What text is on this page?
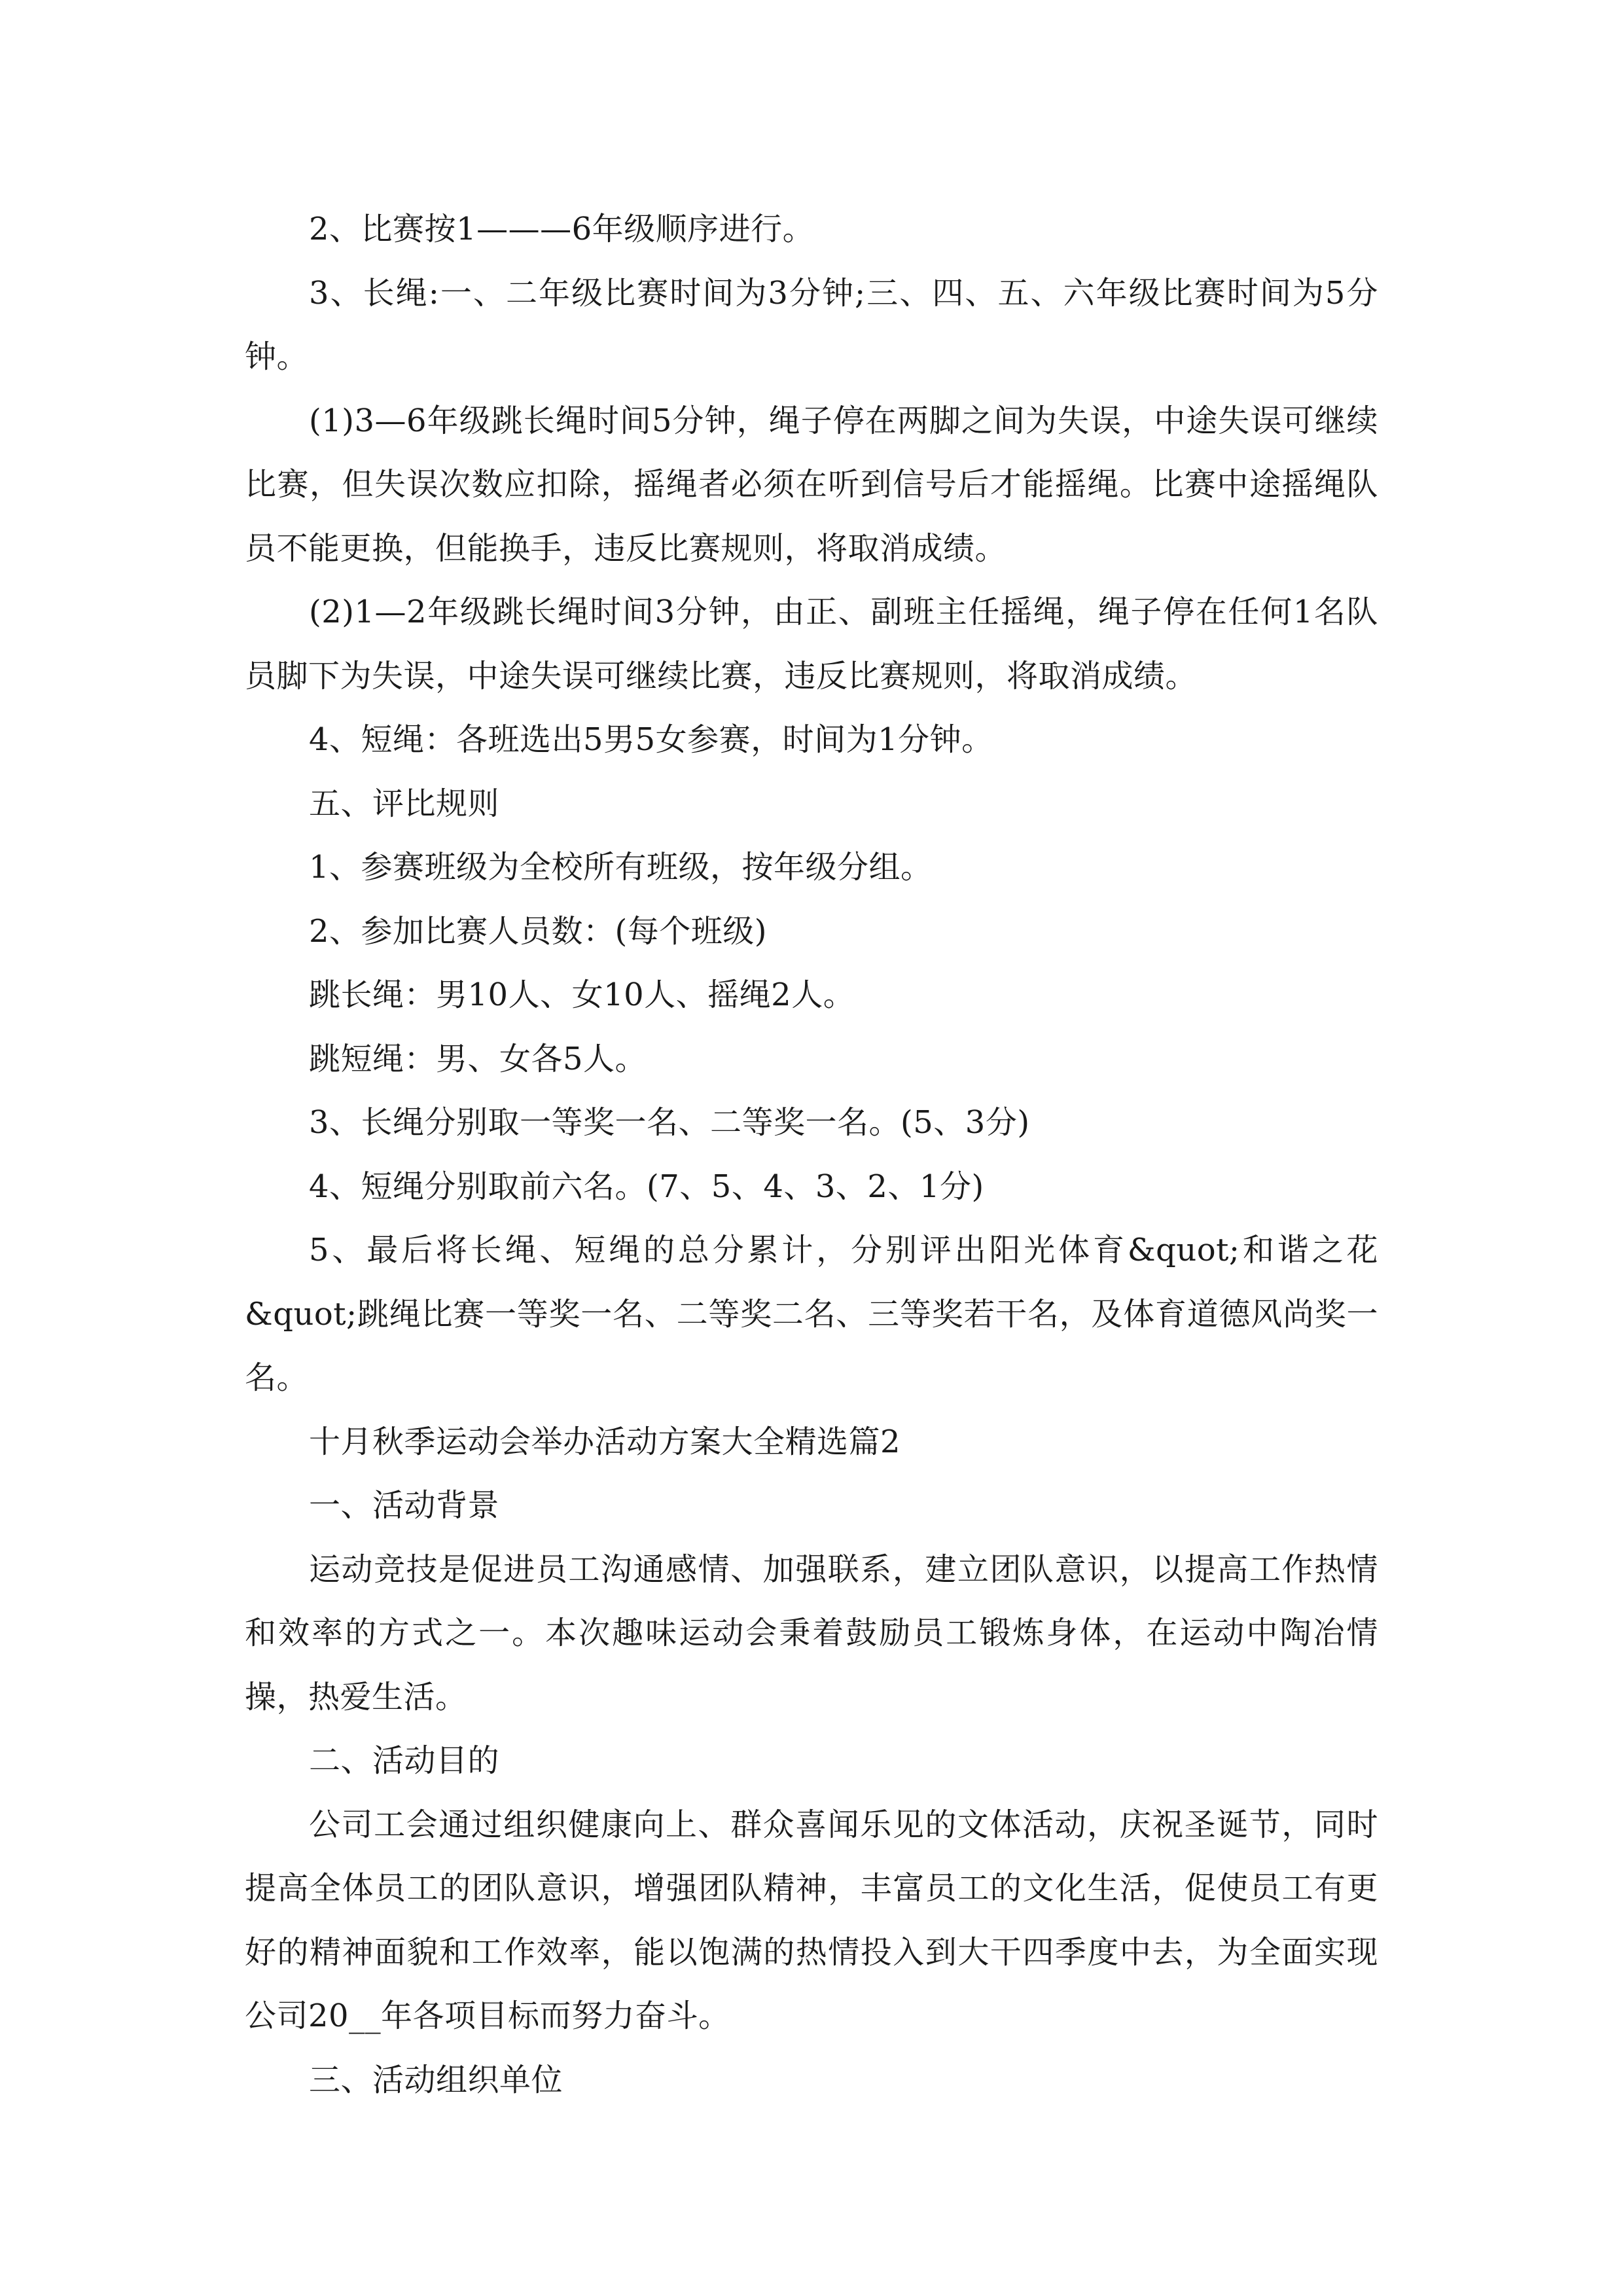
2、比赛按1———6年级顺序进行。

3、长绳:一、二年级比赛时间为3分钟;三、四、五、六年级比赛时间为5分钟。

(1)3—6年级跳长绳时间5分钟，绳子停在两脚之间为失误，中途失误可继续比赛，但失误次数应扣除，摇绳者必须在听到信号后才能摇绳。比赛中途摇绳队员不能更换，但能换手，违反比赛规则，将取消成绩。

(2)1—2年级跳长绳时间3分钟，由正、副班主任摇绳，绳子停在任何1名队员脚下为失误，中途失误可继续比赛，违反比赛规则，将取消成绩。

4、短绳：各班选出5男5女参赛，时间为1分钟。

五、评比规则

1、参赛班级为全校所有班级，按年级分组。

2、参加比赛人员数：(每个班级)

跳长绳：男10人、女10人、摇绳2人。

跳短绳：男、女各5人。

3、长绳分别取一等奖一名、二等奖一名。(5、3分)

4、短绳分别取前六名。(7、5、4、3、2、1分)

5、最后将长绳、短绳的总分累计，分别评出阳光体育&quot;和谐之花&quot;跳绳比赛一等奖一名、二等奖二名、三等奖若干名，及体育道德风尚奖一名。

十月秋季运动会举办活动方案大全精选篇2

一、活动背景

运动竞技是促进员工沟通感情、加强联系，建立团队意识，以提高工作热情和效率的方式之一。本次趣味运动会秉着鼓励员工锻炼身体，在运动中陶冶情操，热爱生活。

二、活动目的

公司工会通过组织健康向上、群众喜闻乐见的文体活动，庆祝圣诞节，同时提高全体员工的团队意识，增强团队精神，丰富员工的文化生活，促使员工有更好的精神面貌和工作效率，能以饱满的热情投入到大干四季度中去，为全面实现公司20__年各项目标而努力奋斗。

三、活动组织单位
